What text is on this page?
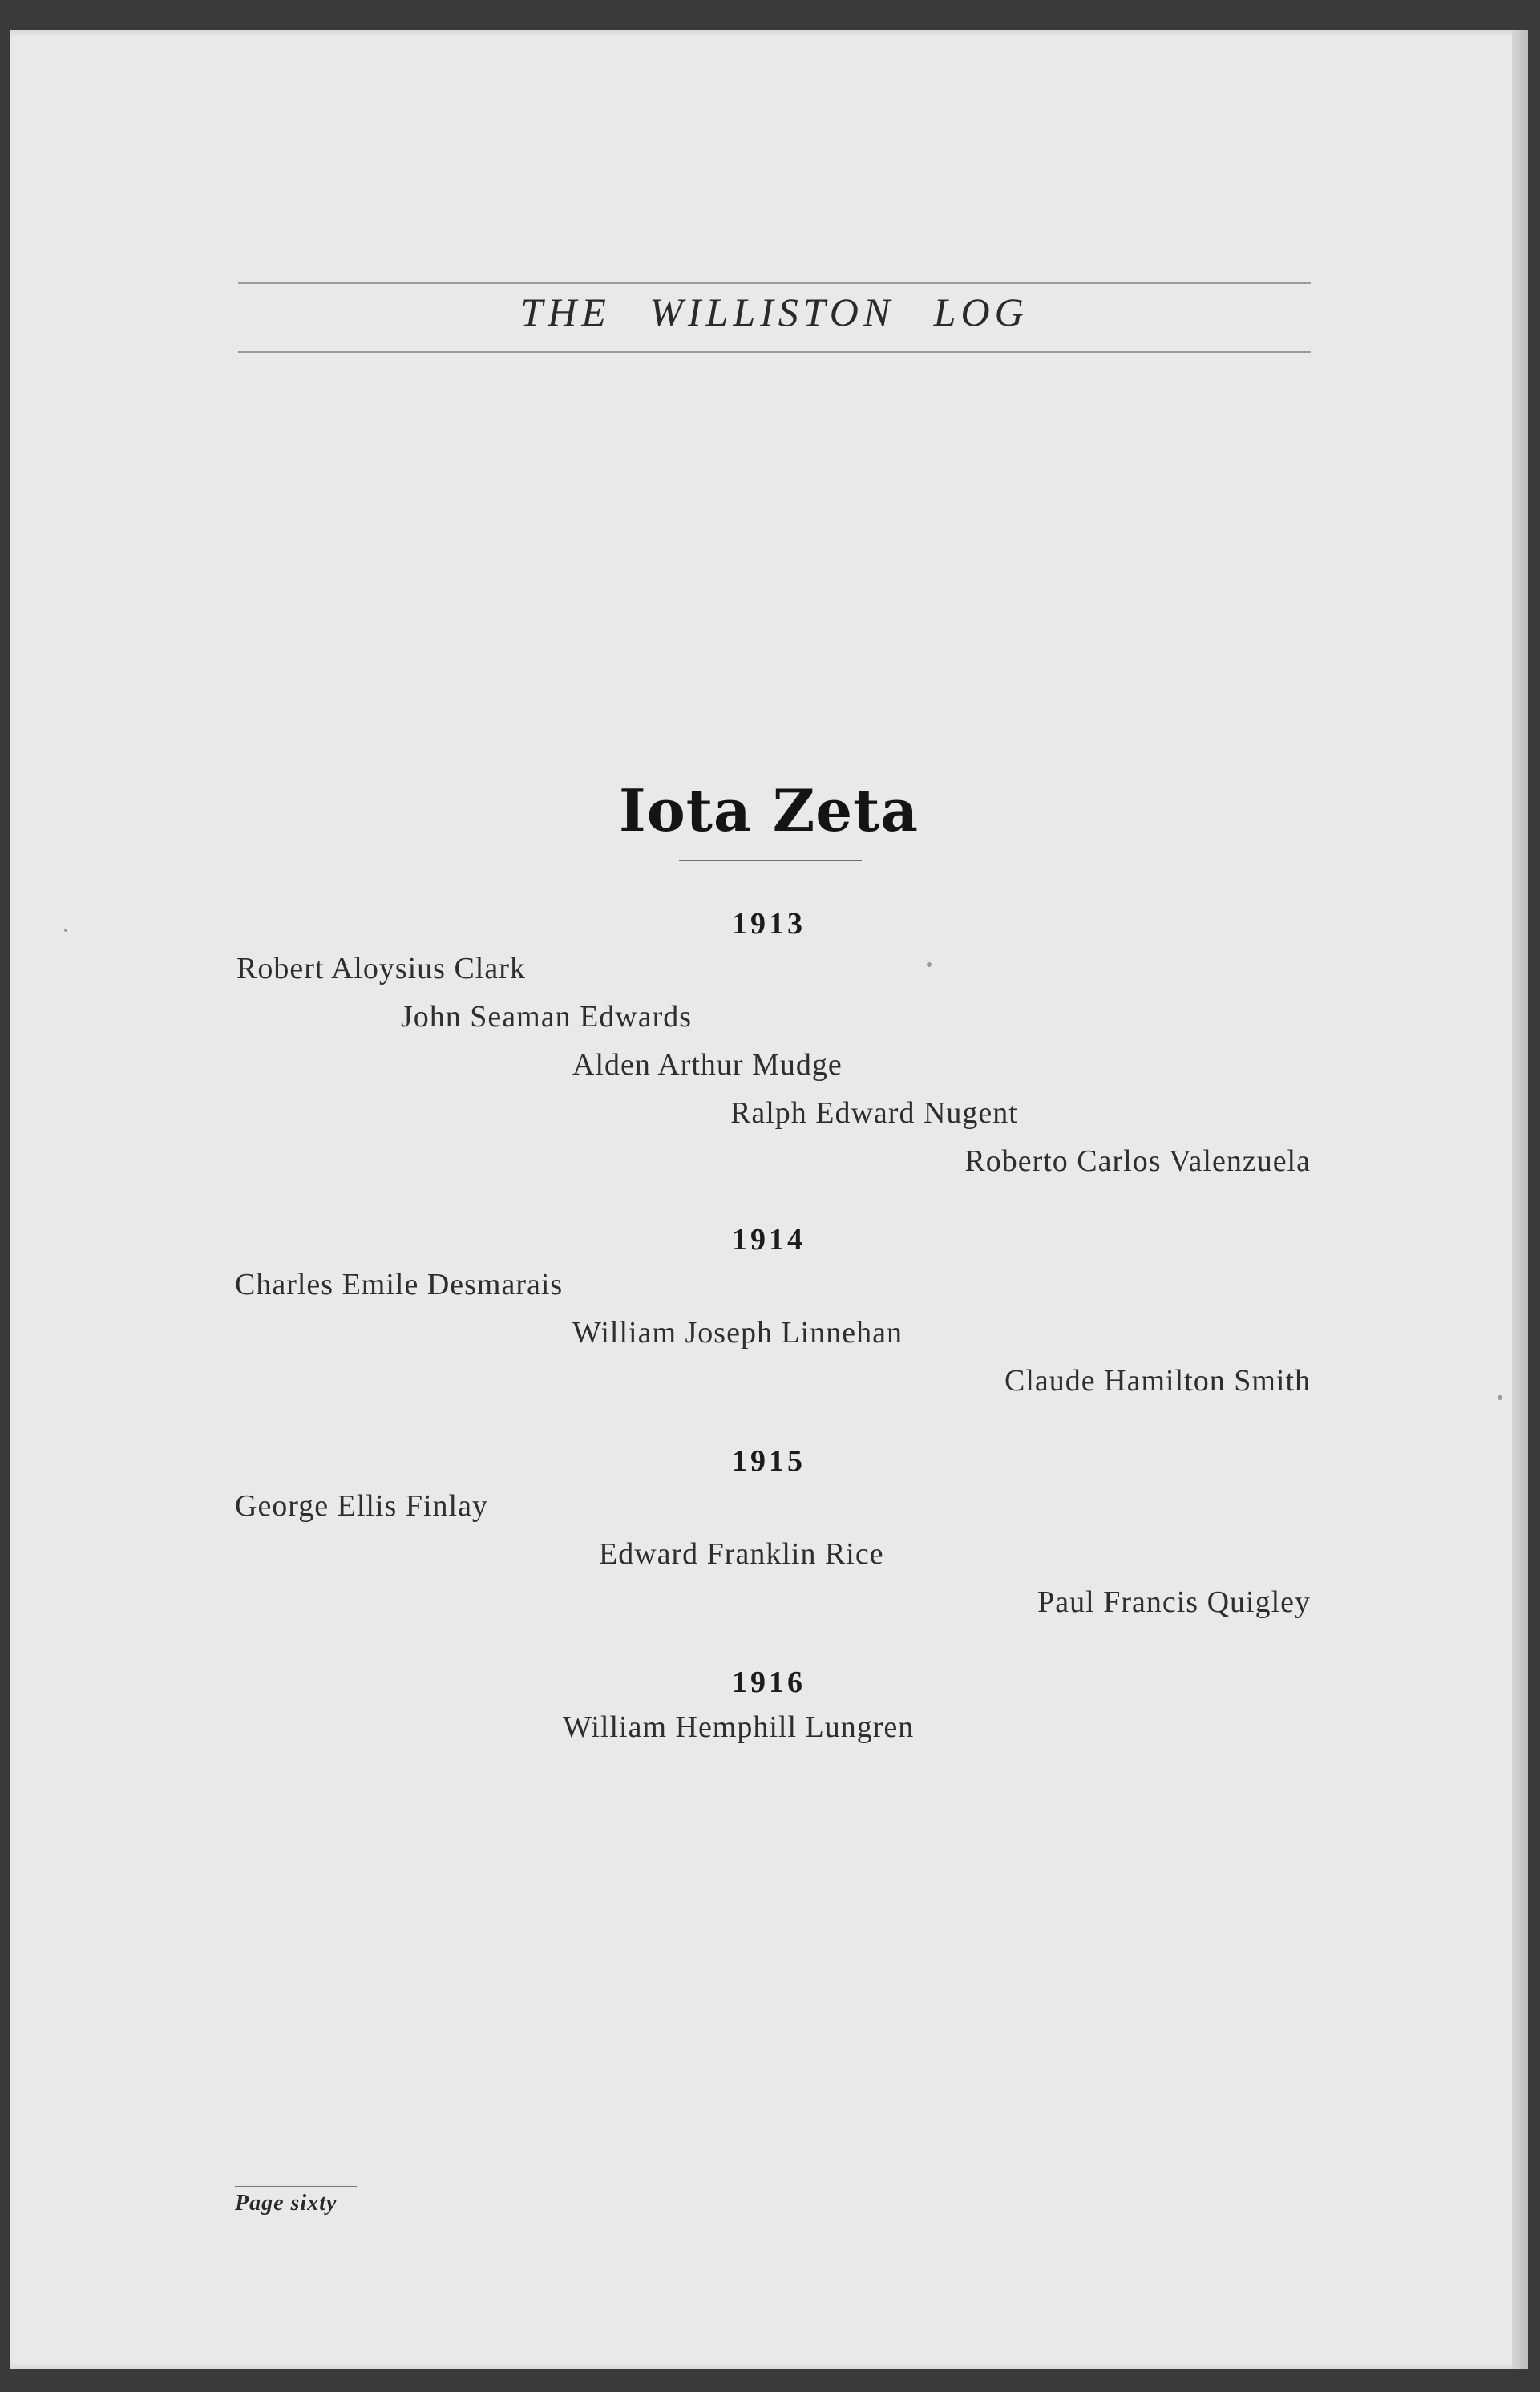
THE WILLISTON LOG
Iota Zeta
1913
Robert Aloysius Clark
John Seaman Edwards
Alden Arthur Mudge
Ralph Edward Nugent
Roberto Carlos Valenzuela
1914
Charles Emile Desmarais
William Joseph Linnehan
Claude Hamilton Smith
1915
George Ellis Finlay
Edward Franklin Rice
Paul Francis Quigley
1916
William Hemphill Lungren
Page sixty
